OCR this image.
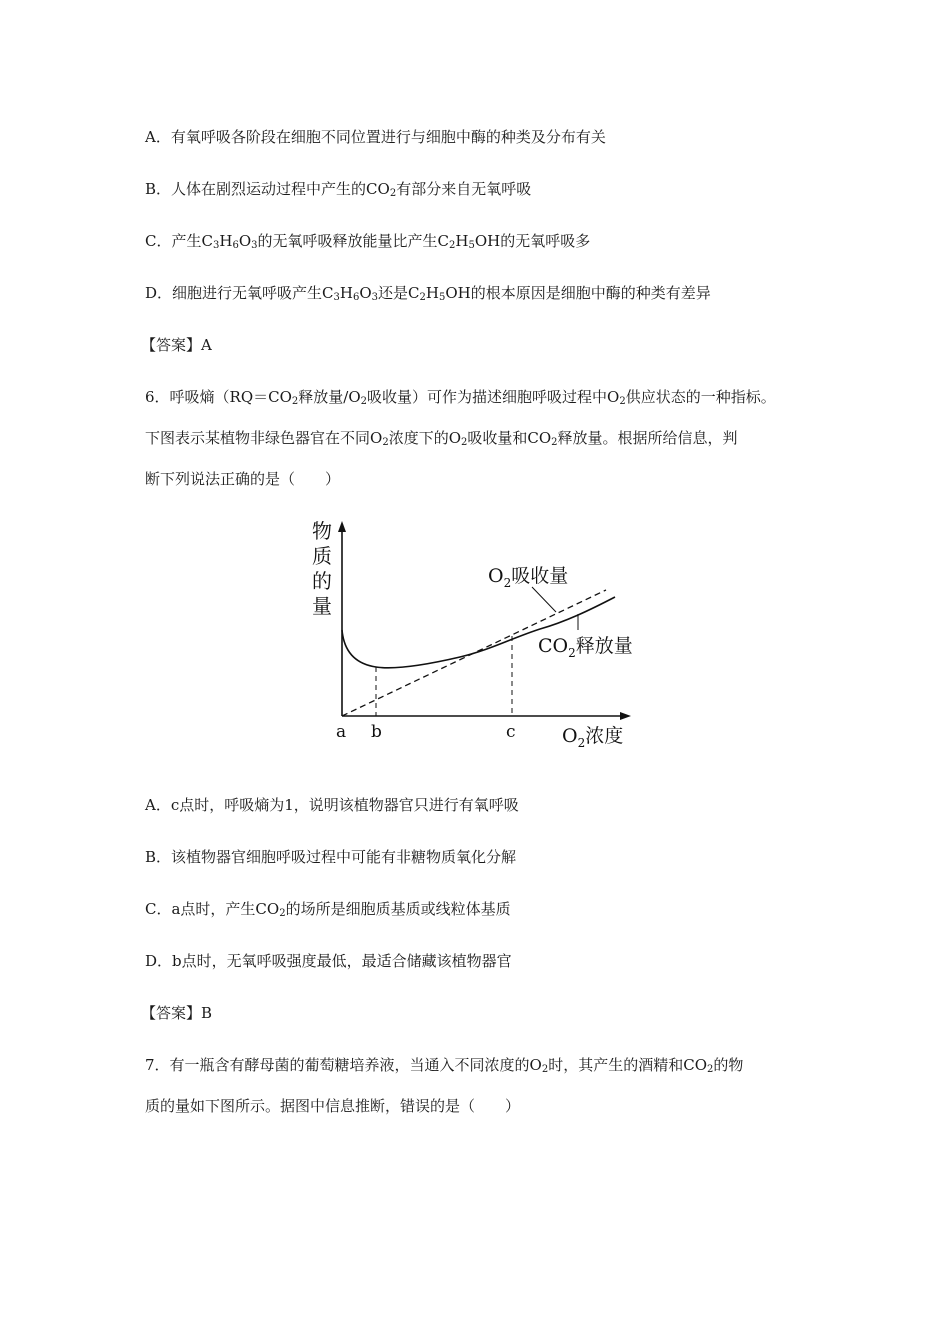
A．有氧呼吸各阶段在细胞不同位置进行与细胞中酶的种类及分布有关
B．人体在剧烈运动过程中产生的$CO_2$有部分来自无氧呼吸
C．产生$C_3H_6O_3$的无氧呼吸释放能量比产生$C_2H_5OH$的无氧呼吸多
D．细胞进行无氧呼吸产生$C_3H_6O_3$还是$C_2H_5OH$的根本原因是细胞中酶的种类有差异
【答案】A
6．呼吸熵（$RQ=CO_2$释放量$/O_2$吸收量）可作为描述细胞呼吸过程中$O_2$供应状态的一种指标。
下图表示某植物非绿色器官在不同$O_2$浓度下的$O_2$吸收量和$CO_2$释放量。根据所给信息，判
断下列说法正确的是（　　）
物
质
的
量
$O_2$吸收量
$CO_2$释放量
a b	c $O_2$浓度
A．c点时，呼吸熵为1，说明该植物器官只进行有氧呼吸
B．该植物器官细胞呼吸过程中可能有非糖物质氧化分解
C．a点时，产生$CO_2$的场所是细胞质基质或线粒体基质
D．b点时，无氧呼吸强度最低，最适合储藏该植物器官
【答案】B
7．有一瓶含有酵母菌的葡萄糖培养液，当通入不同浓度的$O_2$时，其产生的酒精和$CO_2$的物
质的量如下图所示。据图中信息推断，错误的是（　　）
